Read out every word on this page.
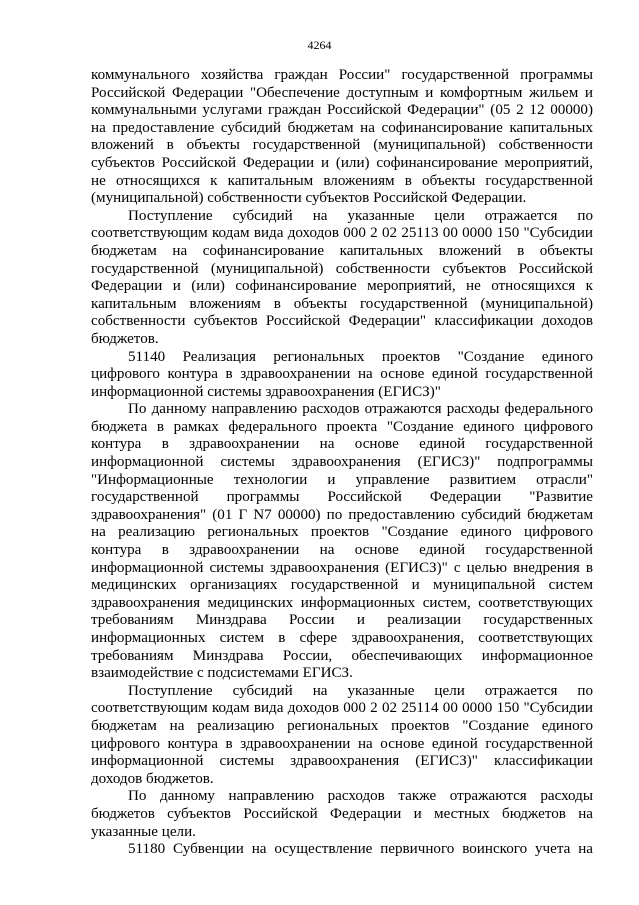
4264

коммунального хозяйства граждан России" государственной программы Российской Федерации "Обеспечение доступным и комфортным жильем и коммунальными услугами граждан Российской Федерации" (05 2 12 00000) на предоставление субсидий бюджетам на софинансирование капитальных вложений в объекты государственной (муниципальной) собственности субъектов Российской Федерации и (или) софинансирование мероприятий, не относящихся к капитальным вложениям в объекты государственной (муниципальной) собственности субъектов Российской Федерации.

Поступление субсидий на указанные цели отражается по соответствующим кодам вида доходов 000 2 02 25113 00 0000 150 "Субсидии бюджетам на софинансирование капитальных вложений в объекты государственной (муниципальной) собственности субъектов Российской Федерации и (или) софинансирование мероприятий, не относящихся к капитальным вложениям в объекты государственной (муниципальной) собственности субъектов Российской Федерации" классификации доходов бюджетов.

51140 Реализация региональных проектов "Создание единого цифрового контура в здравоохранении на основе единой государственной информационной системы здравоохранения (ЕГИСЗ)"

По данному направлению расходов отражаются расходы федерального бюджета в рамках федерального проекта "Создание единого цифрового контура в здравоохранении на основе единой государственной информационной системы здравоохранения (ЕГИСЗ)" подпрограммы "Информационные технологии и управление развитием отрасли" государственной программы Российской Федерации "Развитие здравоохранения" (01 Г N7 00000) по предоставлению субсидий бюджетам на реализацию региональных проектов "Создание единого цифрового контура в здравоохранении на основе единой государственной информационной системы здравоохранения (ЕГИСЗ)" с целью внедрения в медицинских организациях государственной и муниципальной систем здравоохранения медицинских информационных систем, соответствующих требованиям Минздрава России и реализации государственных информационных систем в сфере здравоохранения, соответствующих требованиям Минздрава России, обеспечивающих информационное взаимодействие с подсистемами ЕГИСЗ.

Поступление субсидий на указанные цели отражается по соответствующим кодам вида доходов 000 2 02 25114 00 0000 150 "Субсидии бюджетам на реализацию региональных проектов "Создание единого цифрового контура в здравоохранении на основе единой государственной информационной системы здравоохранения (ЕГИСЗ)" классификации доходов бюджетов.

По данному направлению расходов также отражаются расходы бюджетов субъектов Российской Федерации и местных бюджетов на указанные цели.

51180 Субвенции на осуществление первичного воинского учета на
